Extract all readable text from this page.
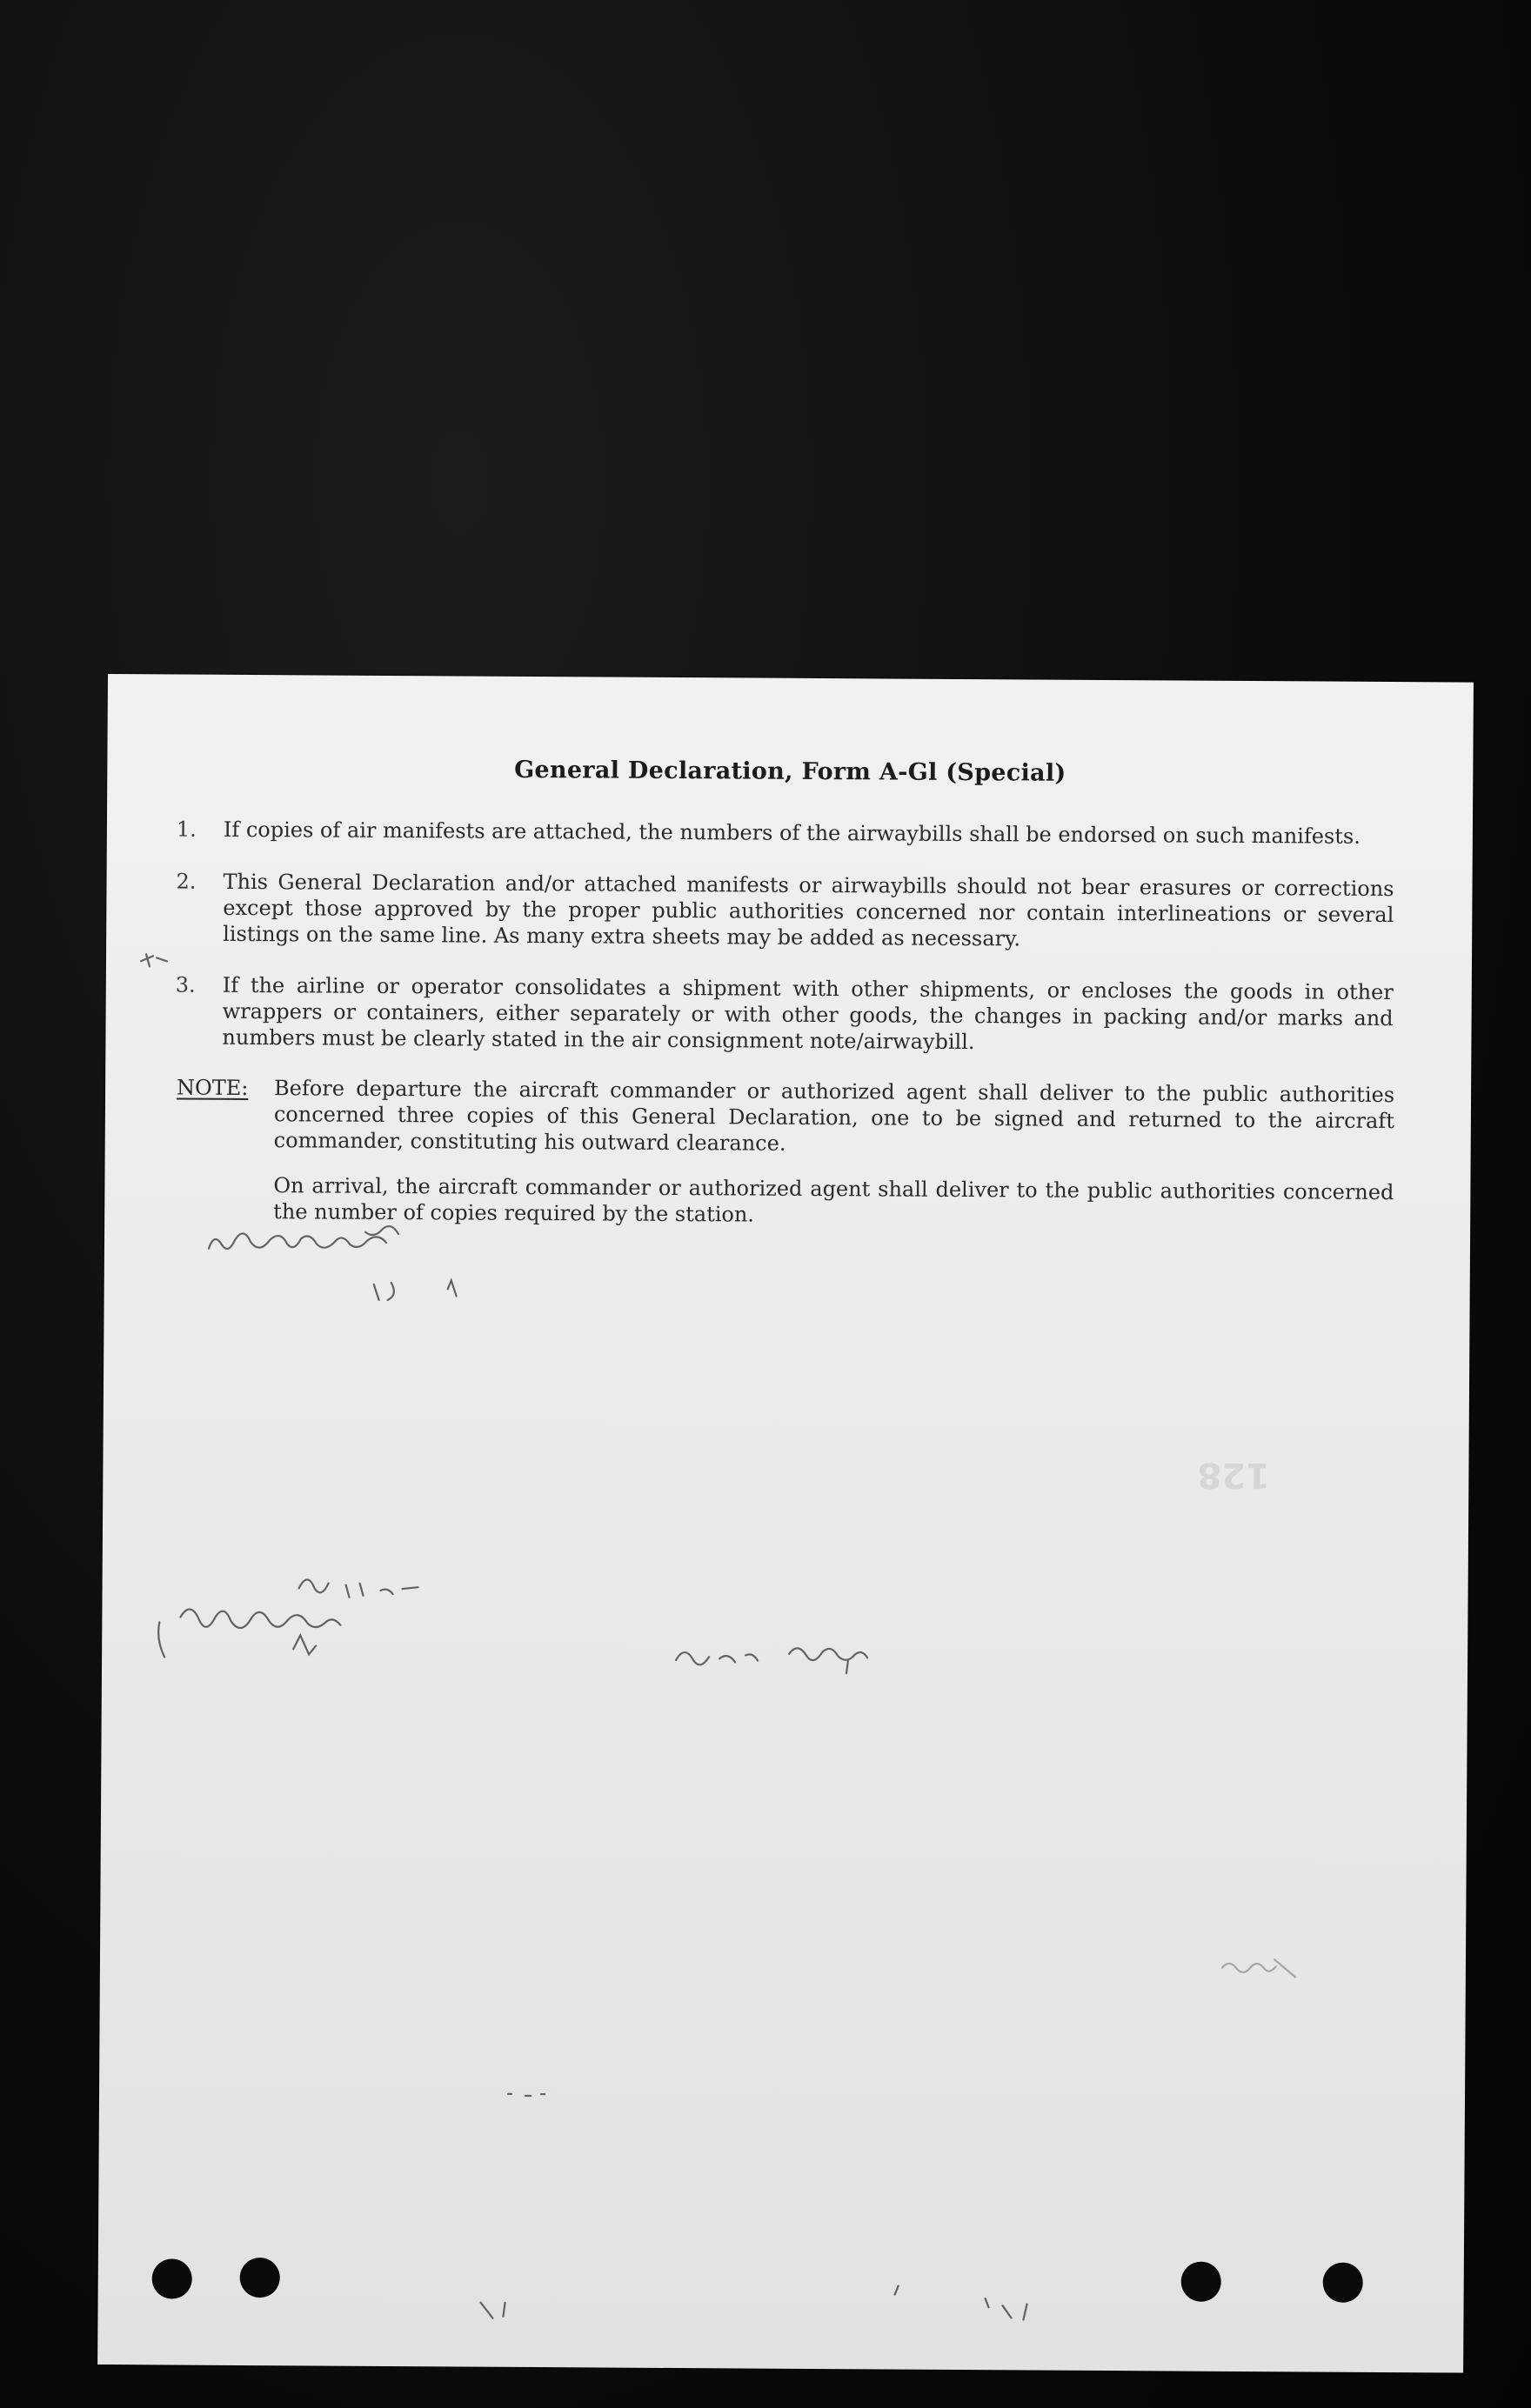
General Declaration, Form A-Gl (Special)
1.	If copies of air manifests are attached, the numbers of the airwaybills shall be endorsed on such manifests.
2.	This General Declaration and/or attached manifests or airwaybills should not bear erasures or corrections except those approved by the proper public authorities concerned nor contain interlineations or several listings on the same line. As many extra sheets may be added as necessary.
3.	If the airline or operator consolidates a shipment with other shipments, or encloses the goods in other wrappers or containers, either separately or with other goods, the changes in packing and/or marks and numbers must be clearly stated in the air consignment note/airwaybill.
NOTE: Before departure the aircraft commander or authorized agent shall deliver to the public authorities concerned three copies of this General Declaration, one to be signed and returned to the aircraft commander, constituting his outward clearance.
On arrival, the aircraft commander or authorized agent shall deliver to the public authorities concerned the number of copies required by the station.
128
